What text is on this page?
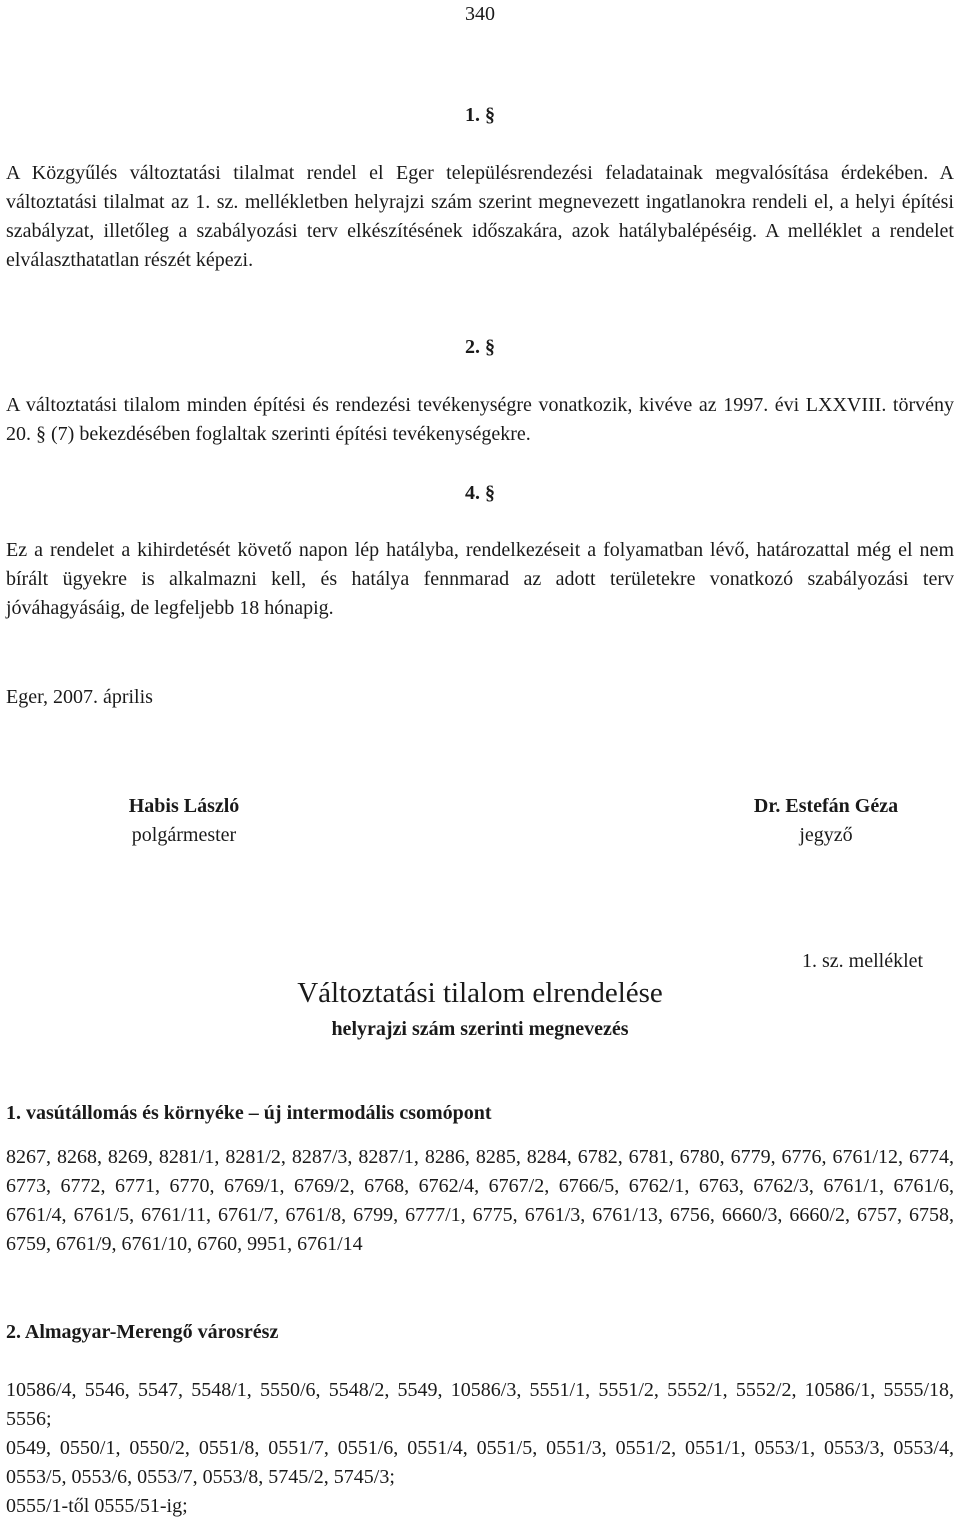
340
1. §
A Közgyűlés változtatási tilalmat rendel el Eger településrendezési feladatainak megvalósítása érdekében. A változtatási tilalmat az 1. sz. mellékletben helyrajzi szám szerint megnevezett ingatlanokra rendeli el, a helyi építési szabályzat, illetőleg a szabályozási terv elkészítésének időszakára, azok hatálybalépéséig. A melléklet a rendelet elválaszthatatlan részét képezi.
2. §
A változtatási tilalom minden építési és rendezési tevékenységre vonatkozik, kivéve az 1997. évi LXXVIII. törvény 20. § (7) bekezdésében foglaltak szerinti építési tevékenységekre.
4. §
Ez a rendelet a kihirdetését követő napon lép hatályba, rendelkezéseit a folyamatban lévő, határozattal még el nem bírált ügyekre is alkalmazni kell, és hatálya fennmarad az adott területekre vonatkozó szabályozási terv jóváhagyásáig, de legfeljebb 18 hónapig.
Eger, 2007. április
Habis László
polgármester
Dr. Estefán Géza
jegyző
1. sz. melléklet
Változtatási tilalom elrendelése
helyrajzi szám szerinti megnevezés
1. vasútállomás és környéke – új intermodális csomópont
8267, 8268, 8269, 8281/1, 8281/2, 8287/3, 8287/1, 8286, 8285, 8284, 6782, 6781, 6780, 6779, 6776, 6761/12, 6774, 6773, 6772, 6771, 6770, 6769/1, 6769/2, 6768, 6762/4, 6767/2, 6766/5, 6762/1, 6763, 6762/3, 6761/1, 6761/6, 6761/4, 6761/5, 6761/11, 6761/7, 6761/8, 6799, 6777/1, 6775, 6761/3, 6761/13, 6756, 6660/3, 6660/2, 6757, 6758, 6759, 6761/9, 6761/10, 6760, 9951, 6761/14
2. Almagyar-Merengő városrész
10586/4, 5546, 5547, 5548/1, 5550/6, 5548/2, 5549, 10586/3, 5551/1, 5551/2, 5552/1, 5552/2, 10586/1, 5555/18, 5556;
0549, 0550/1, 0550/2, 0551/8, 0551/7, 0551/6, 0551/4, 0551/5, 0551/3, 0551/2, 0551/1, 0553/1, 0553/3, 0553/4, 0553/5, 0553/6, 0553/7, 0553/8, 5745/2, 5745/3;
0555/1-től 0555/51-ig;
